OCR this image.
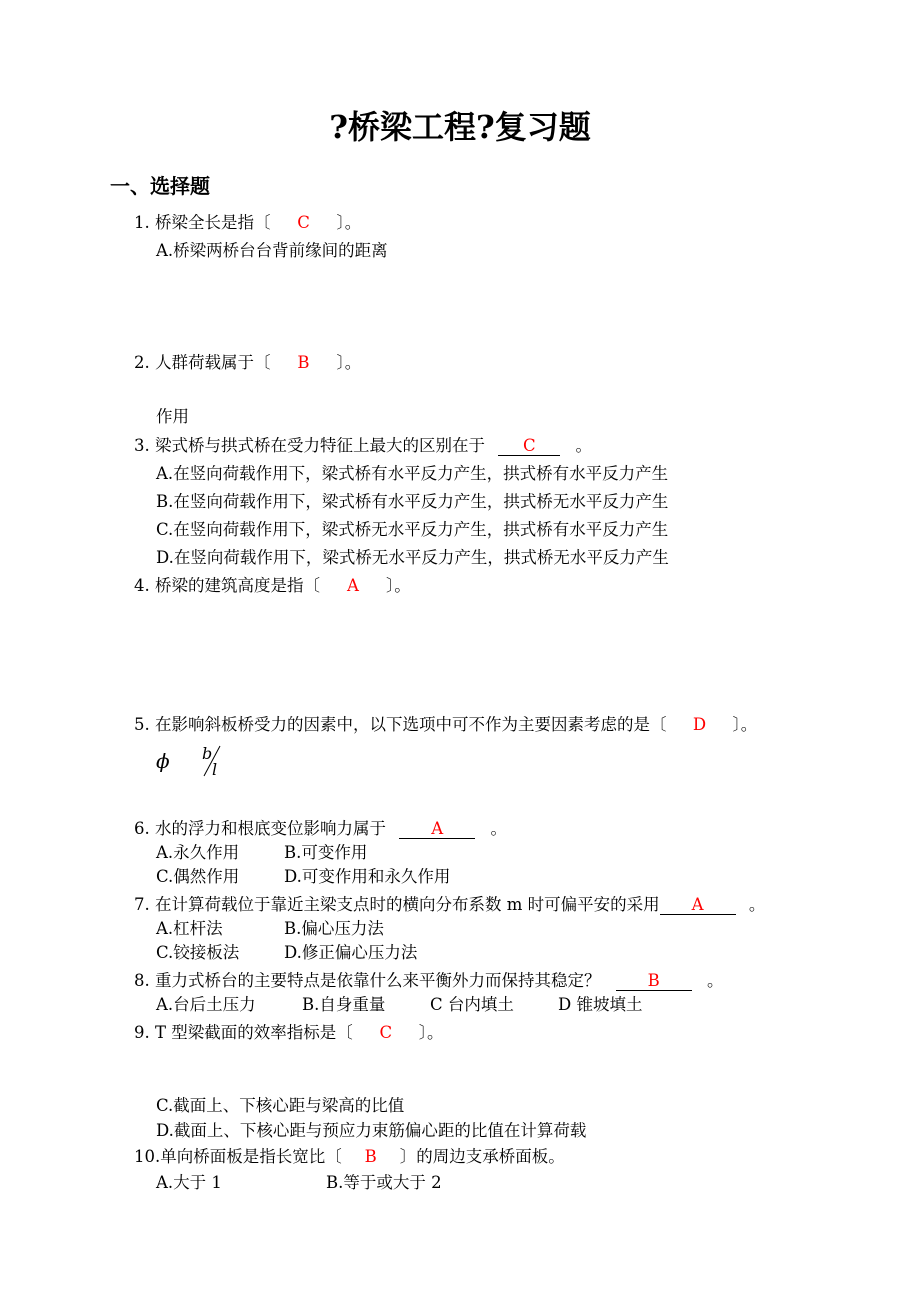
?桥梁工程?复习题
一、选择题
1. 桥梁全长是指〔 C 〕。
A.桥梁两桥台台背前缘间的距离
2. 人群荷载属于〔 B 〕。
作用
3. 梁式桥与拱式桥在受力特征上最大的区别在于 C 。
A.在竖向荷载作用下，梁式桥有水平反力产生，拱式桥有水平反力产生
B.在竖向荷载作用下，梁式桥有水平反力产生，拱式桥无水平反力产生
C.在竖向荷载作用下，梁式桥无水平反力产生，拱式桥有水平反力产生
D.在竖向荷载作用下，梁式桥无水平反力产生，拱式桥无水平反力产生
4. 桥梁的建筑高度是指〔 A 〕。
5. 在影响斜板桥受力的因素中，以下选项中可不作为主要因素考虑的是〔 D 〕。
ϕ b
l
6. 水的浮力和根底变位影响力属于	A	。
A.永久作用	B.可变作用
C.偶然作用	D.可变作用和永久作用
7. 在计算荷载位于靠近主梁支点时的横向分布系数 m 时可偏平安的采用 A	。
A.杠杆法	B.偏心压力法
C.铰接板法	D.修正偏心压力法
8. 重力式桥台的主要特点是依靠什么来平衡外力而保持其稳定？	B	。
A.台后土压力	B.自身重量	C 台内填土	D 锥坡填土
9. T 型梁截面的效率指标是〔 C 〕。
C.截面上、下核心距与梁高的比值
D.截面上、下核心距与预应力束筋偏心距的比值在计算荷载
10.单向桥面板是指长宽比〔 B 〕的周边支承桥面板。
A.大于 1	B.等于或大于 2
